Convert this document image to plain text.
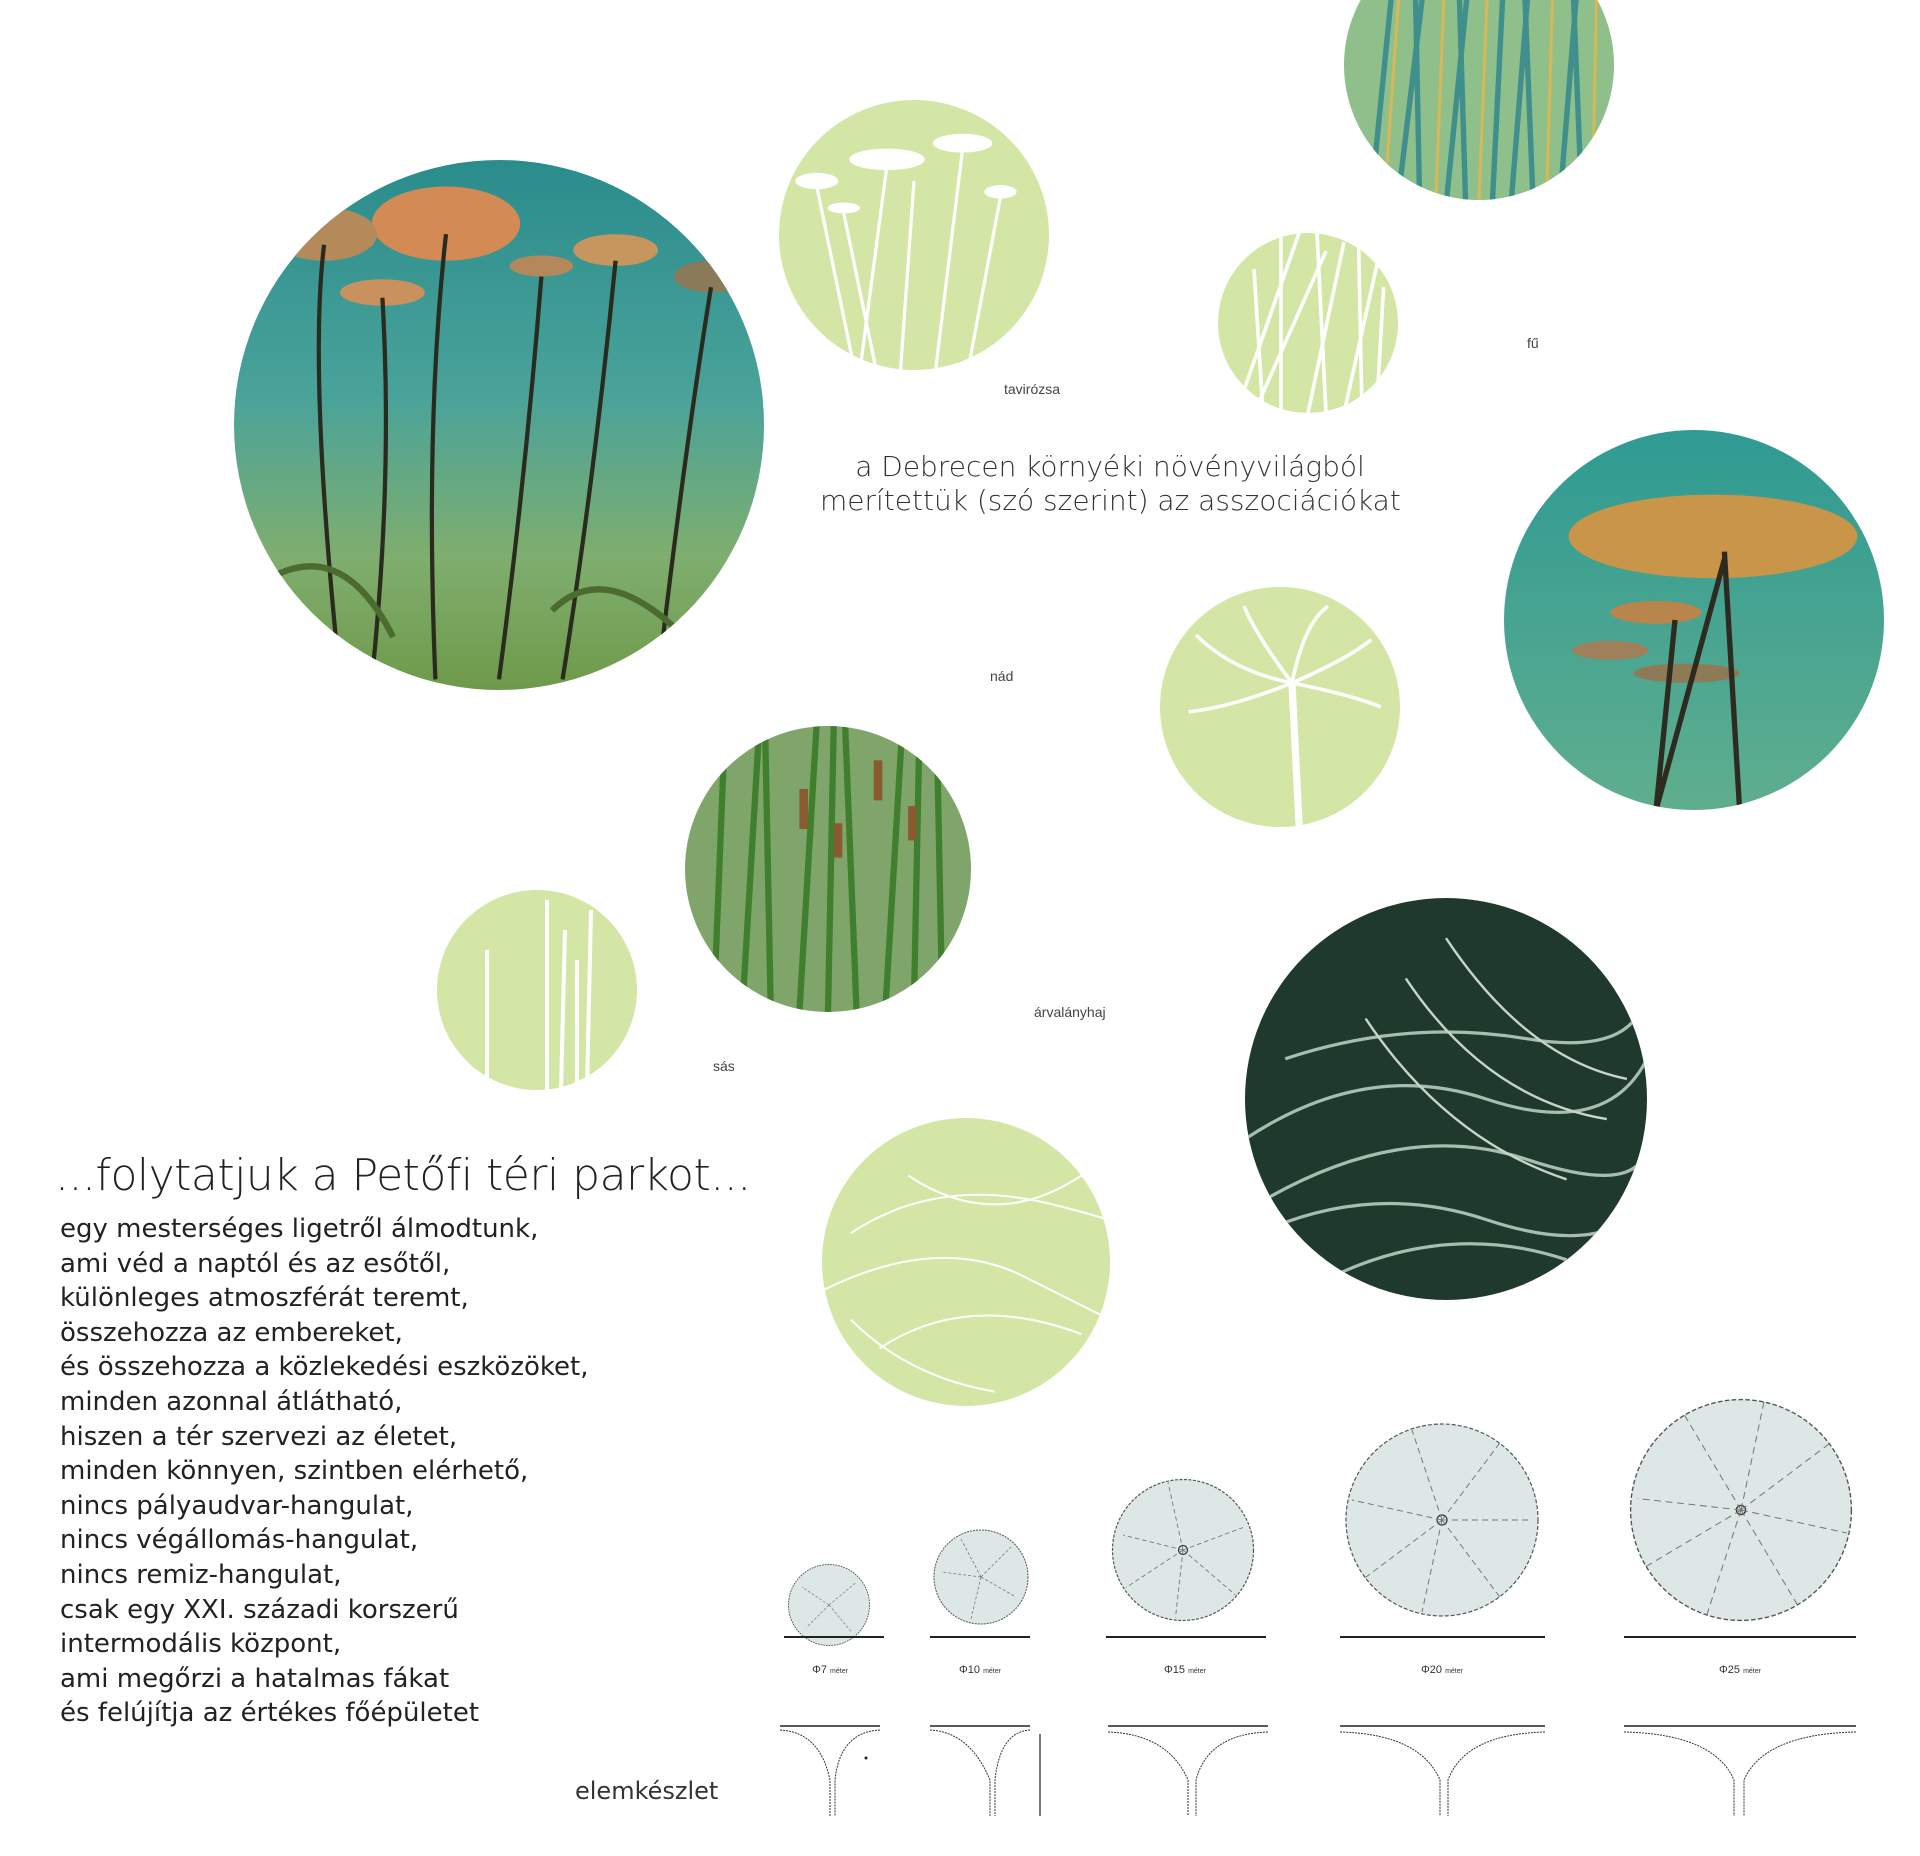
tavirózsa
fű
nád
árvalányhaj
sás
a Debrecen környéki növényvilágból
merítettük (szó szerint) az asszociációkat
...folytatjuk a Petőfi téri parkot...
egy mesterséges ligetről álmodtunk,
ami véd a naptól és az esőtől,
különleges atmoszférát teremt,
összehozza az embereket,
és összehozza a közlekedési eszközöket,
minden azonnal átlátható,
hiszen a tér szervezi az életet,
minden könnyen, szintben elérhető,
nincs pályaudvar-hangulat,
nincs végállomás-hangulat,
nincs remiz-hangulat,
csak egy XXI. századi korszerű
intermodális központ,
ami megőrzi a hatalmas fákat
és felújítja az értékes főépületet
elemkészlet
Φ7 méter	Φ10 méter	Φ15 méter	Φ20 méter	Φ25 méter
